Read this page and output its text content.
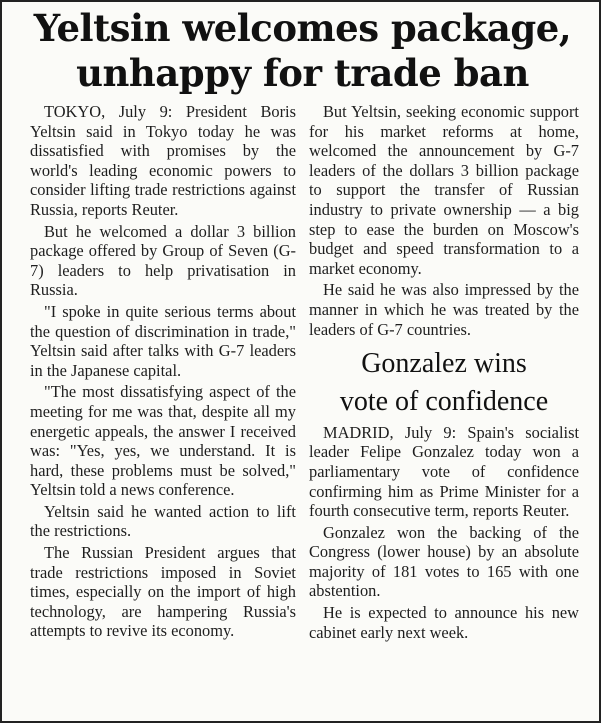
Yeltsin welcomes package,
unhappy for trade ban

TOKYO, July 9: President Boris Yeltsin said in Tokyo today he was dissatisfied with promises by the world's leading economic powers to consider lifting trade restrictions against Russia, reports Reuter.

But he welcomed a dollar 3 billion package offered by Group of Seven (G-7) leaders to help privatisation in Russia.

"I spoke in quite serious terms about the question of discrimination in trade," Yeltsin said after talks with G-7 leaders in the Japanese capital.

"The most dissatisfying aspect of the meeting for me was that, despite all my energetic appeals, the answer I received was: "Yes, yes, we understand. It is hard, these problems must be solved," Yeltsin told a news conference.

Yeltsin said he wanted action to lift the restrictions.

The Russian President argues that trade restrictions imposed in Soviet times, especially on the import of high technology, are hampering Russia's attempts to revive its economy.

But Yeltsin, seeking economic support for his market reforms at home, welcomed the announcement by G-7 leaders of the dollars 3 billion package to support the transfer of Russian industry to private ownership — a big step to ease the burden on Moscow's budget and speed transformation to a market economy.

He said he was also impressed by the manner in which he was treated by the leaders of G-7 countries.

Gonzalez wins
vote of confidence

MADRID, July 9: Spain's socialist leader Felipe Gonzalez today won a parliamentary vote of confidence confirming him as Prime Minister for a fourth consecutive term, reports Reuter.

Gonzalez won the backing of the Congress (lower house) by an absolute majority of 181 votes to 165 with one abstention.

He is expected to announce his new cabinet early next week.
